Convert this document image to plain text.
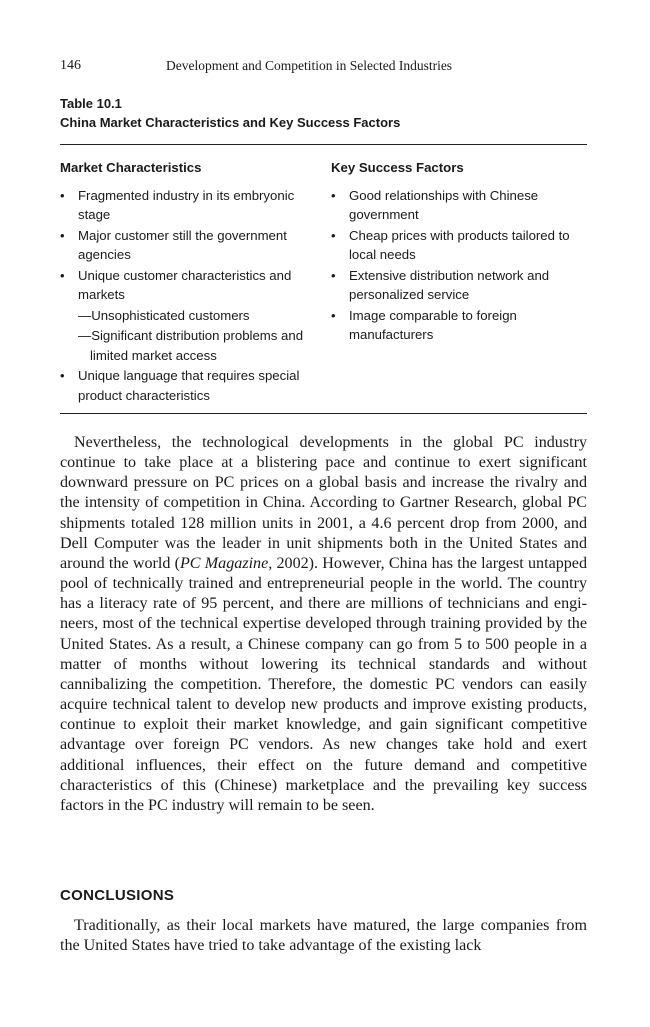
146	Development and Competition in Selected Industries
Table 10.1
China Market Characteristics and Key Success Factors
Market Characteristics
• Fragmented industry in its embryonic stage
• Major customer still the government agencies
• Unique customer characteristics and markets
—Unsophisticated customers
—Significant distribution problems and limited market access
• Unique language that requires special product characteristics
Key Success Factors
• Good relationships with Chinese government
• Cheap prices with products tailored to local needs
• Extensive distribution network and personalized service
• Image comparable to foreign manufacturers

Nevertheless, the technological developments in the global PC industry continue to take place at a blistering pace and continue to exert significant downward pressure on PC prices on a global basis and increase the rivalry and the intensity of competition in China. According to Gartner Research, global PC shipments totaled 128 million units in 2001, a 4.6 percent drop from 2000, and Dell Computer was the leader in unit shipments both in the United States and around the world (PC Magazine, 2002). However, China has the largest untapped pool of technically trained and entrepreneurial people in the world. The country has a literacy rate of 95 percent, and there are millions of technicians and engineers, most of the technical expertise developed through training provided by the United States. As a result, a Chinese company can go from 5 to 500 people in a matter of months without lowering its technical standards and without cannibalizing the competition. Therefore, the domestic PC vendors can easily acquire technical talent to develop new products and improve existing products, continue to exploit their market knowledge, and gain significant competitive advantage over foreign PC vendors. As new changes take hold and exert additional influences, their effect on the future demand and competitive characteristics of this (Chinese) marketplace and the prevailing key success factors in the PC industry will remain to be seen.

CONCLUSIONS

Traditionally, as their local markets have matured, the large companies from the United States have tried to take advantage of the existing lack
